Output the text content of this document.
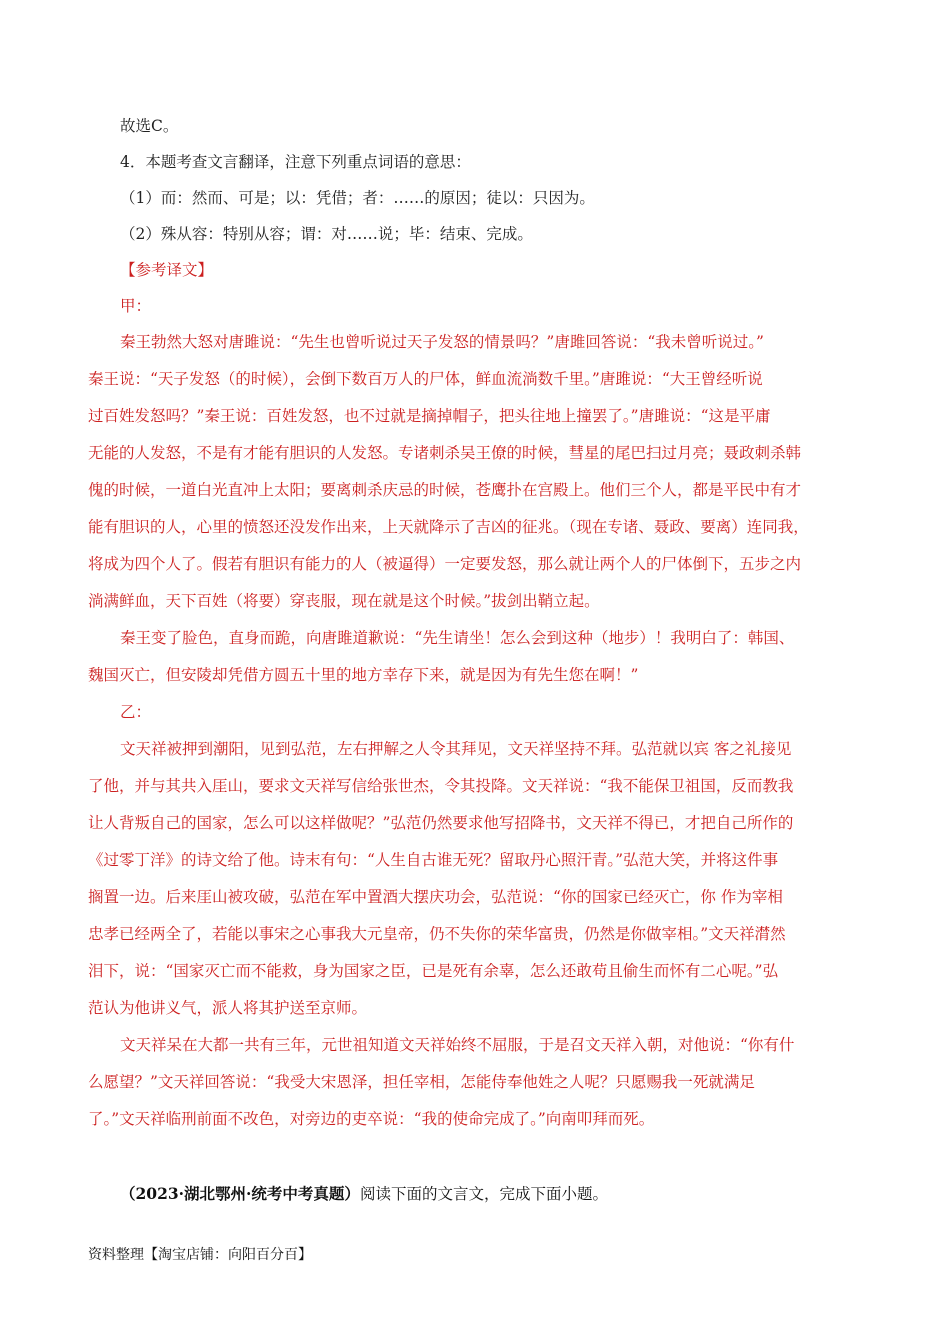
故选C。
4．本题考查文言翻译，注意下列重点词语的意思：
（1）而：然而、可是；以：凭借；者：……的原因；徒以：只因为。
（2）殊从容：特别从容；谓：对……说；毕：结束、完成。
【参考译文】
甲：
秦王勃然大怒对唐雎说：“先生也曾听说过天子发怒的情景吗？”唐雎回答说：“我未曾听说过。”
秦王说：“天子发怒（的时候），会倒下数百万人的尸体，鲜血流淌数千里。”唐雎说：“大王曾经听说
过百姓发怒吗？”秦王说：百姓发怒，也不过就是摘掉帽子，把头往地上撞罢了。”唐雎说：“这是平庸
无能的人发怒，不是有才能有胆识的人发怒。专诸刺杀吴王僚的时候，彗星的尾巴扫过月亮；聂政刺杀韩
傀的时候，一道白光直冲上太阳；要离刺杀庆忌的时候，苍鹰扑在宫殿上。他们三个人，都是平民中有才
能有胆识的人，心里的愤怒还没发作出来，上天就降示了吉凶的征兆。（现在专诸、聂政、要离）连同我，
将成为四个人了。假若有胆识有能力的人（被逼得）一定要发怒，那么就让两个人的尸体倒下，五步之内
淌满鲜血，天下百姓（将要）穿丧服，现在就是这个时候。”拔剑出鞘立起。
秦王变了脸色，直身而跪，向唐雎道歉说：“先生请坐！怎么会到这种（地步）！我明白了：韩国、
魏国灭亡，但安陵却凭借方圆五十里的地方幸存下来，就是因为有先生您在啊！”
乙：
文天祥被押到潮阳，见到弘范，左右押解之人令其拜见，文天祥坚持不拜。弘范就以宾 客之礼接见
了他，并与其共入厓山，要求文天祥写信给张世杰，令其投降。文天祥说：“我不能保卫祖国，反而教我
让人背叛自己的国家，怎么可以这样做呢？”弘范仍然要求他写招降书，文天祥不得已，才把自己所作的
《过零丁洋》的诗文给了他。诗末有句：“人生自古谁无死？留取丹心照汗青。”弘范大笑，并将这件事
搁置一边。后来厓山被攻破，弘范在军中置酒大摆庆功会，弘范说：“你的国家已经灭亡，你 作为宰相
忠孝已经两全了，若能以事宋之心事我大元皇帝，仍不失你的荣华富贵，仍然是你做宰相。”文天祥潸然
泪下，说：“国家灭亡而不能救，身为国家之臣，已是死有余辜，怎么还敢苟且偷生而怀有二心呢。”弘
范认为他讲义气，派人将其护送至京师。
文天祥呆在大都一共有三年，元世祖知道文天祥始终不屈服，于是召文天祥入朝，对他说：“你有什
么愿望？”文天祥回答说：“我受大宋恩泽，担任宰相，怎能侍奉他姓之人呢？只愿赐我一死就满足
了。”文天祥临刑前面不改色，对旁边的吏卒说：“我的使命完成了。”向南叩拜而死。
（2023·湖北鄂州·统考中考真题）阅读下面的文言文，完成下面小题。
资料整理【淘宝店铺：向阳百分百】
